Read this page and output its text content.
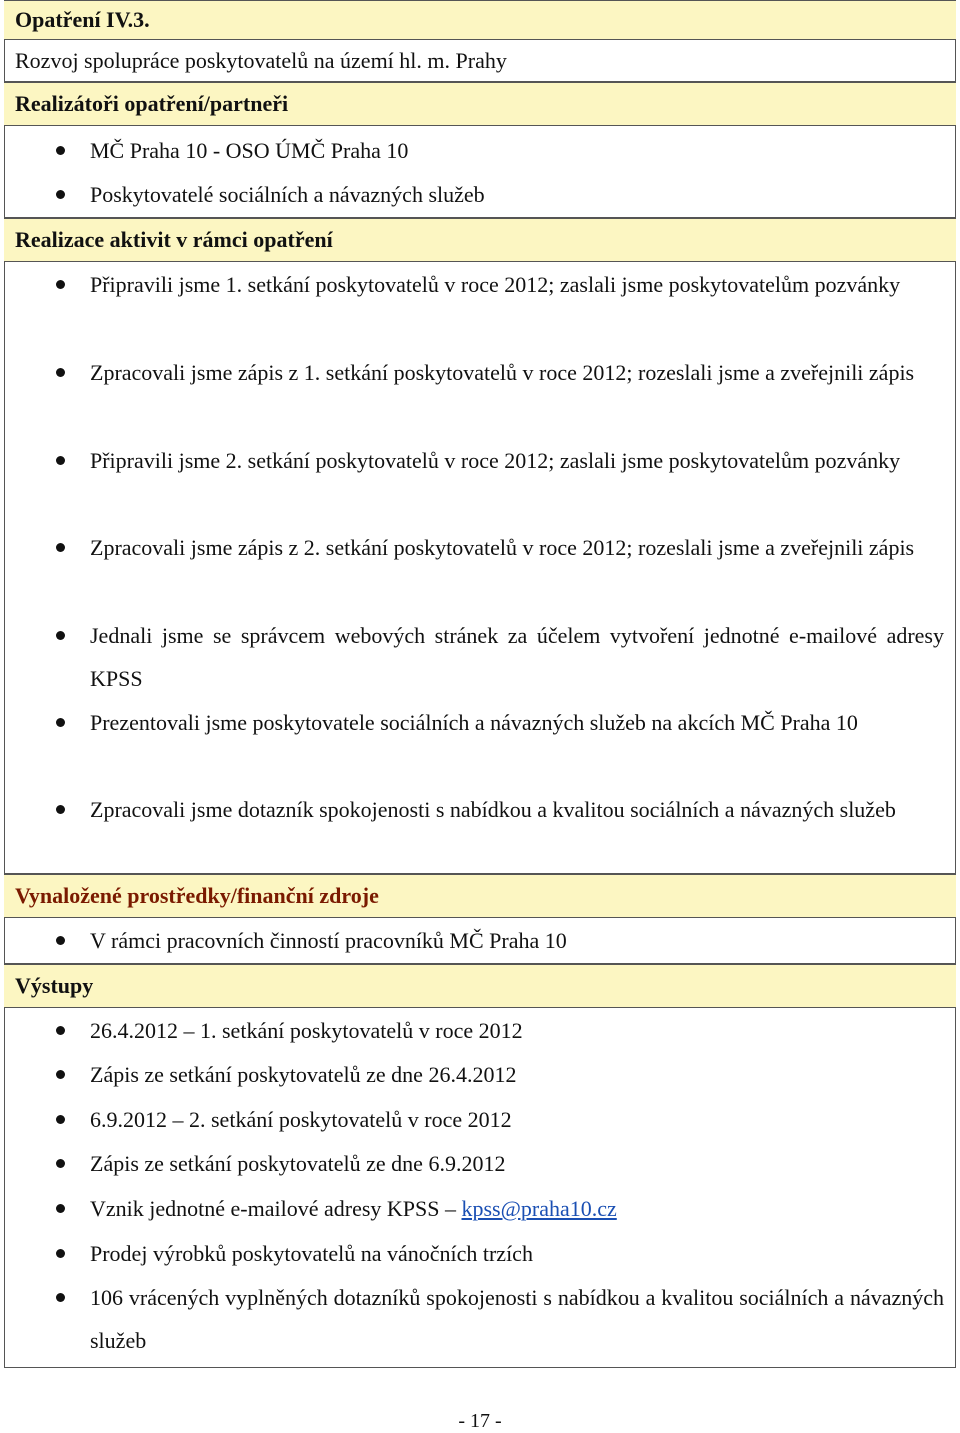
Opatření IV.3.
Rozvoj spolupráce poskytovatelů na území hl. m. Prahy
Realizátoři opatření/partneři
MČ Praha 10 - OSO ÚMČ Praha 10
Poskytovatelé sociálních a návazných služeb
Realizace aktivit v rámci opatření
Připravili jsme 1. setkání poskytovatelů v roce 2012; zaslali jsme poskytovatelům pozvánky
Zpracovali jsme zápis z 1. setkání poskytovatelů v roce 2012; rozeslali jsme a zveřejnili zápis
Připravili jsme 2. setkání poskytovatelů v roce 2012; zaslali jsme poskytovatelům pozvánky
Zpracovali jsme zápis z 2. setkání poskytovatelů v roce 2012; rozeslali jsme a zveřejnili zápis
Jednali jsme se správcem webových stránek za účelem vytvoření jednotné e-mailové adresy KPSS
Prezentovali jsme poskytovatele sociálních a návazných služeb na akcích MČ Praha 10
Zpracovali jsme dotazník spokojenosti s nabídkou a kvalitou sociálních a návazných služeb
Vynaložené prostředky/finanční zdroje
V rámci pracovních činností pracovníků MČ Praha 10
Výstupy
26.4.2012 – 1. setkání poskytovatelů v roce 2012
Zápis ze setkání poskytovatelů ze dne 26.4.2012
6.9.2012 – 2. setkání poskytovatelů v roce 2012
Zápis ze setkání poskytovatelů ze dne 6.9.2012
Vznik jednotné e-mailové adresy KPSS – kpss@praha10.cz
Prodej výrobků poskytovatelů na vánočních trzích
106 vrácených vyplněných dotazníků spokojenosti s nabídkou a kvalitou sociálních a návazných služeb
- 17 -
